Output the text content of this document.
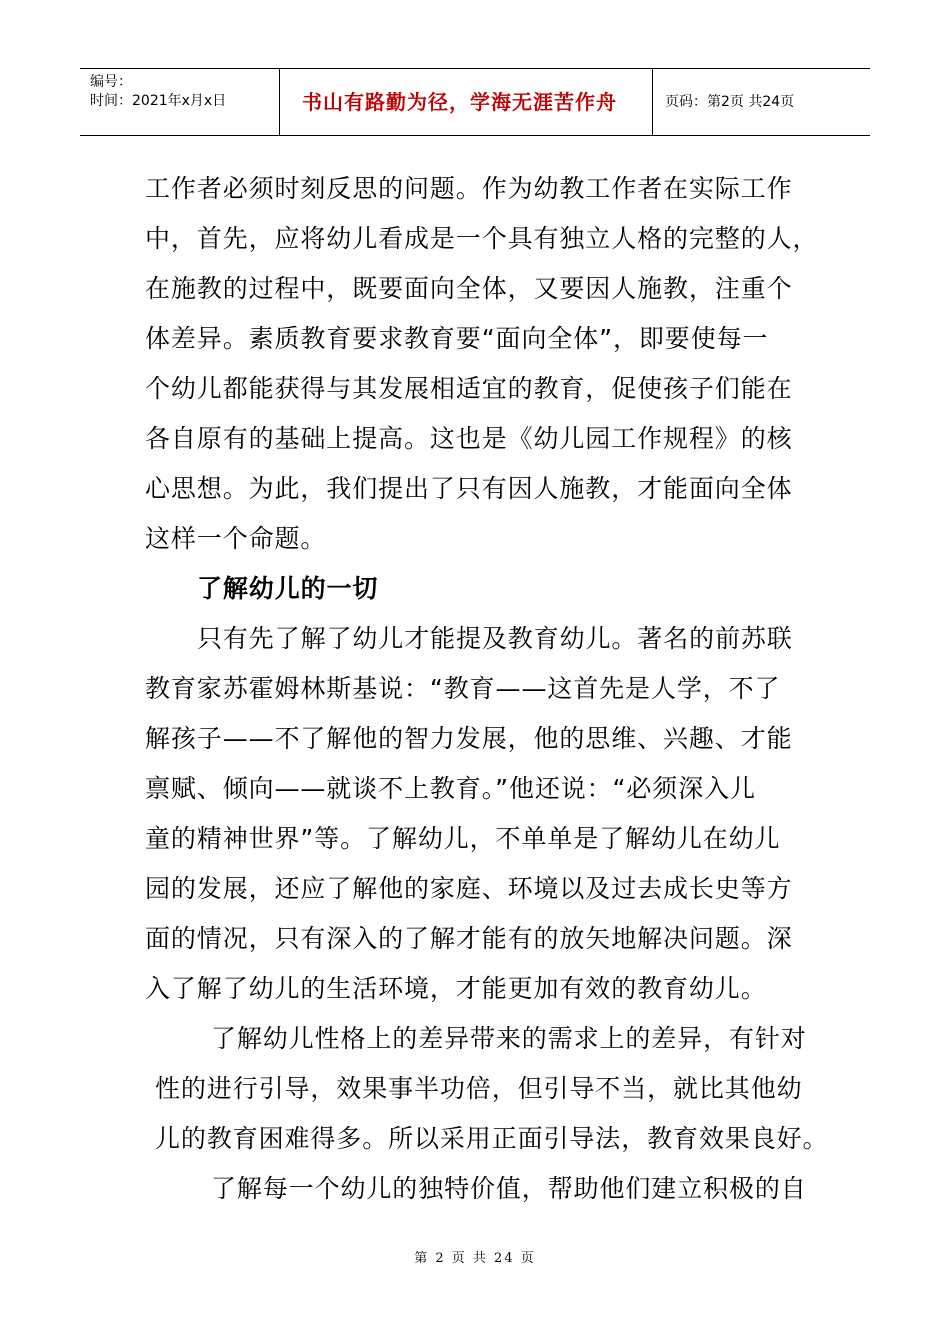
编号：
时间：2021年x月x日	书山有路勤为径，学海无涯苦作舟	页码：第2页 共24页
工作者必须时刻反思的问题。作为幼教工作者在实际工作
中，首先，应将幼儿看成是一个具有独立人格的完整的人，
在施教的过程中，既要面向全体，又要因人施教，注重个
体差异。素质教育要求教育要“面向全体”，即要使每一
个幼儿都能获得与其发展相适宜的教育，促使孩子们能在
各自原有的基础上提高。这也是《幼儿园工作规程》的核
心思想。为此，我们提出了只有因人施教，才能面向全体
这样一个命题。
了解幼儿的一切
只有先了解了幼儿才能提及教育幼儿。著名的前苏联
教育家苏霍姆林斯基说：“教育——这首先是人学，不了
解孩子——不了解他的智力发展，他的思维、兴趣、才能
禀赋、倾向——就谈不上教育。”他还说：“必须深入儿
童的精神世界”等。了解幼儿，不单单是了解幼儿在幼儿
园的发展，还应了解他的家庭、环境以及过去成长史等方
面的情况，只有深入的了解才能有的放矢地解决问题。深
入了解了幼儿的生活环境，才能更加有效的教育幼儿。
了解幼儿性格上的差异带来的需求上的差异，有针对
性的进行引导，效果事半功倍，但引导不当，就比其他幼
儿的教育困难得多。所以采用正面引导法，教育效果良好。
了解每一个幼儿的独特价值，帮助他们建立积极的自
第 2 页 共 24 页
